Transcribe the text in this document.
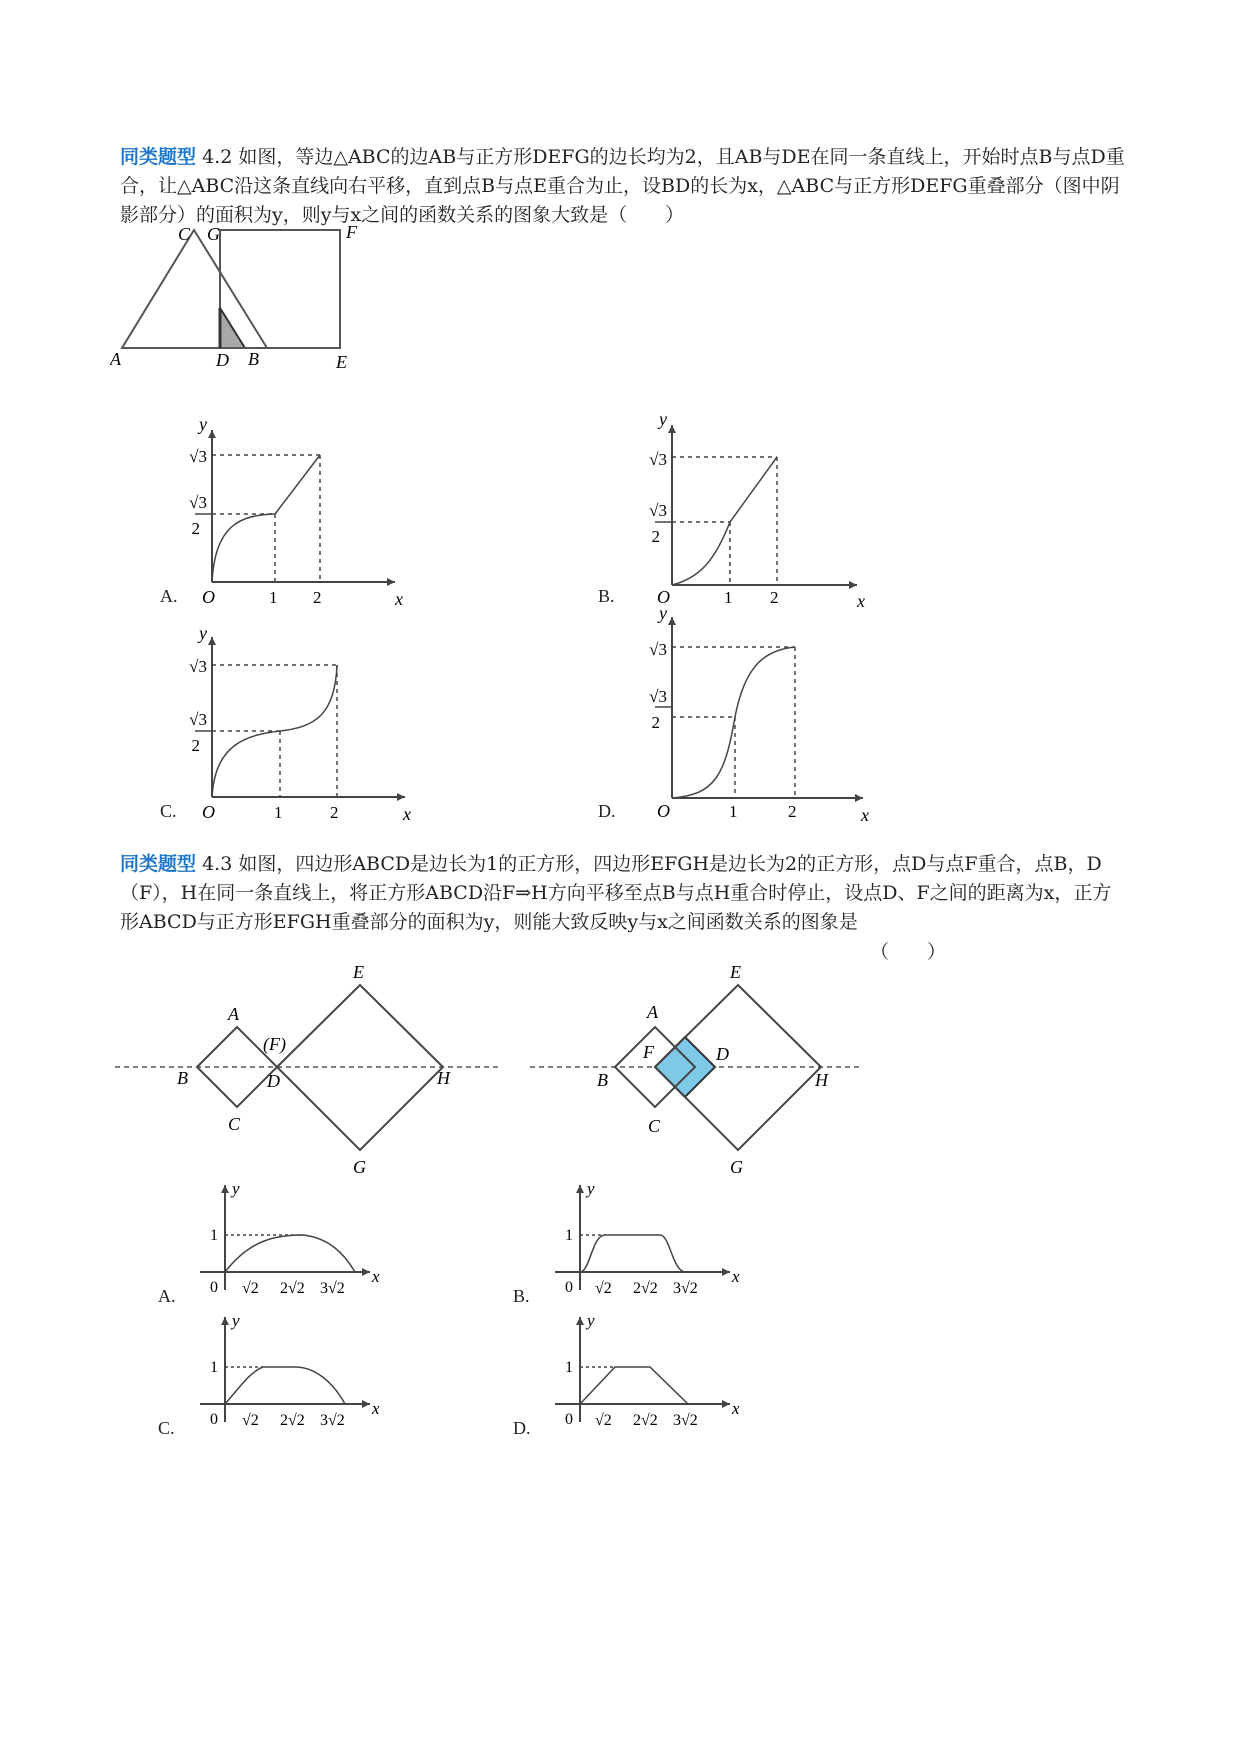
同类题型 4.2 如图，等边△ABC的边AB与正方形DEFG的边长均为2，且AB与DE在同一条直线上，开始时点B与点D重合，让△ABC沿这条直线向右平移，直到点B与点E重合为止，设BD的长为x，△ABC与正方形DEFG重叠部分（图中阴影部分）的面积为y，则y与x之间的函数关系的图象大致是（　　）
A	D B	E
C G	F
A.
y
x
O	1 2
√3
√3
2
B.
y
x
O	1 2
√3
√3
2
C.
y
x
O	1	2
√3
√3
2
D.
y
x
O	1	2
√3
√3
2
同类题型 4.3 如图，四边形ABCD是边长为1的正方形，四边形EFGH是边长为2的正方形，点D与点F重合，点B，D（F），H在同一条直线上，将正方形ABCD沿F⇒H方向平移至点B与点H重合时停止，设点D、F之间的距离为x，正方形ABCD与正方形EFGH重叠部分的面积为y，则能大致反映y与x之间函数关系的图象是
（　　）
A
B
C
D
(F)
E
G
H
A
B
C
D
F
E
G
H
A.
y
x
1
0 √2 2√2 3√2	B.
y
x
1
0 √2 2√2 3√2
C.
y
x
1
0 √2 2√2 3√2	D.
y
x
1
0 √2 2√2 3√2
